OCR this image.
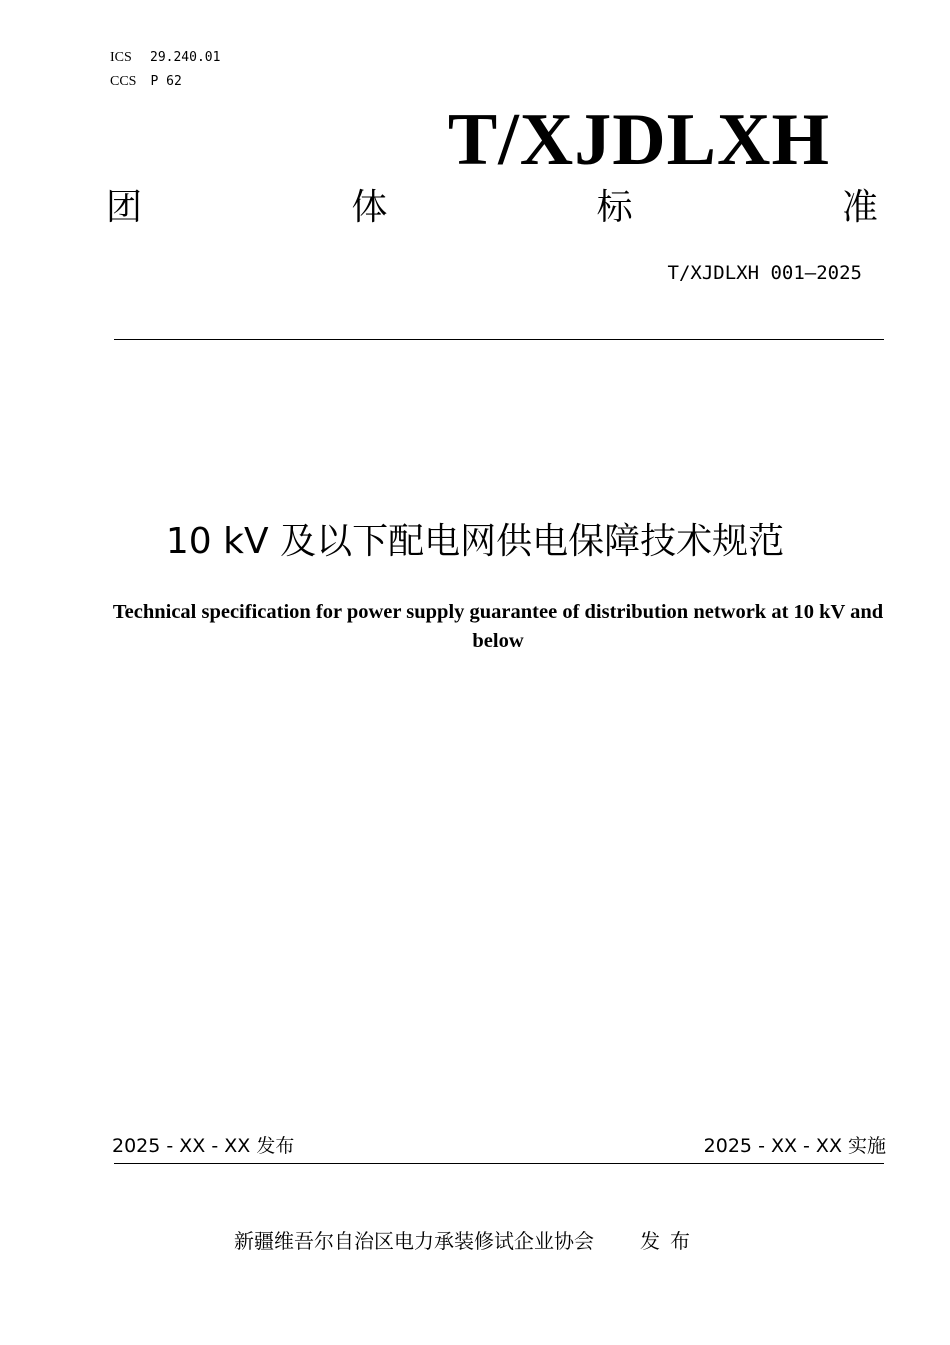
ICS	29.240.01
CCS P 62
T/XJDLXH
团	体	标	准
T/XJDLXH 001—2025
10 kV 及以下配电网供电保障技术规范
Technical specification for power supply guarantee of distribution network at 10 kV and below
2025 - XX - XX 发布	2025 - XX - XX 实施
新疆维吾尔自治区电力承装修试企业协会 发布
